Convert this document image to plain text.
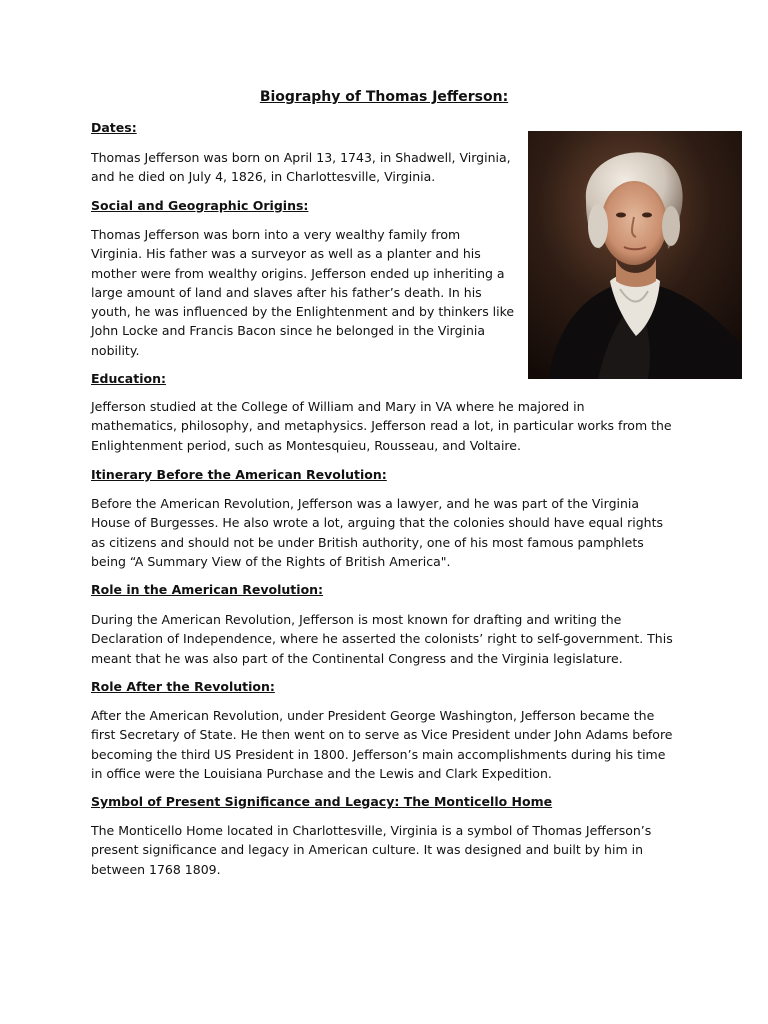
Biography of Thomas Jefferson:
Dates:
Thomas Jefferson was born on April 13, 1743, in Shadwell, Virginia,
and he died on July 4, 1826, in Charlottesville, Virginia.
Social and Geographic Origins:
Thomas Jefferson was born into a very wealthy family from
Virginia. His father was a surveyor as well as a planter and his
mother were from wealthy origins. Jefferson ended up inheriting a
large amount of land and slaves after his father’s death. In his
youth, he was influenced by the Enlightenment and by thinkers like
John Locke and Francis Bacon since he belonged in the Virginia
nobility.
Education:
Jefferson studied at the College of William and Mary in VA where he majored in
mathematics, philosophy, and metaphysics. Jefferson read a lot, in particular works from the
Enlightenment period, such as Montesquieu, Rousseau, and Voltaire.
Itinerary Before the American Revolution:
Before the American Revolution, Jefferson was a lawyer, and he was part of the Virginia
House of Burgesses. He also wrote a lot, arguing that the colonies should have equal rights
as citizens and should not be under British authority, one of his most famous pamphlets
being “A Summary View of the Rights of British America".
Role in the American Revolution:
During the American Revolution, Jefferson is most known for drafting and writing the
Declaration of Independence, where he asserted the colonists’ right to self-government. This
meant that he was also part of the Continental Congress and the Virginia legislature.
Role After the Revolution:
After the American Revolution, under President George Washington, Jefferson became the
first Secretary of State. He then went on to serve as Vice President under John Adams before
becoming the third US President in 1800. Jefferson’s main accomplishments during his time
in office were the Louisiana Purchase and the Lewis and Clark Expedition.
Symbol of Present Significance and Legacy: The Monticello Home
The Monticello Home located in Charlottesville, Virginia is a symbol of Thomas Jefferson’s
present significance and legacy in American culture. It was designed and built by him in
between 1768 1809.
